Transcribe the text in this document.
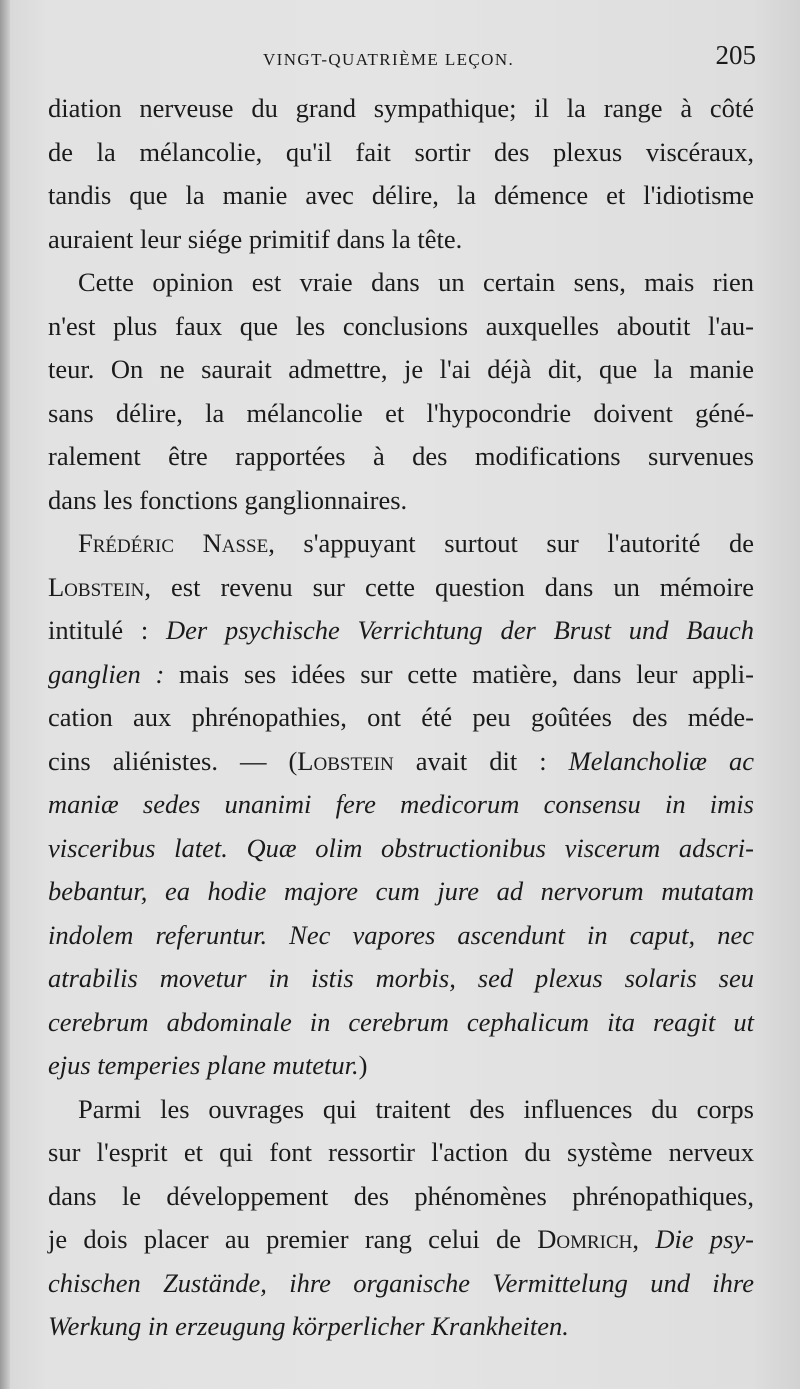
VINGT-QUATRIÈME LEÇON.	205
diation nerveuse du grand sympathique; il la range à côté
de la mélancolie, qu'il fait sortir des plexus viscéraux,
tandis que la manie avec délire, la démence et l'idiotisme
auraient leur siége primitif dans la tête.
Cette opinion est vraie dans un certain sens, mais rien
n'est plus faux que les conclusions auxquelles aboutit l'au-
teur. On ne saurait admettre, je l'ai déjà dit, que la manie
sans délire, la mélancolie et l'hypocondrie doivent géné-
ralement être rapportées à des modifications survenues
dans les fonctions ganglionnaires.
Frédéric Nasse, s'appuyant surtout sur l'autorité de
Lobstein, est revenu sur cette question dans un mémoire
intitulé : Der psychische Verrichtung der Brust und Bauch
ganglien : mais ses idées sur cette matière, dans leur appli-
cation aux phrénopathies, ont été peu goûtées des méde-
cins aliénistes. — (Lobstein avait dit : Melancholiæ ac
maniæ sedes unanimi fere medicorum consensu in imis
visceribus latet. Quæ olim obstructionibus viscerum adscri-
bebantur, ea hodie majore cum jure ad nervorum mutatam
indolem referuntur. Nec vapores ascendunt in caput, nec
atrabilis movetur in istis morbis, sed plexus solaris seu
cerebrum abdominale in cerebrum cephalicum ita reagit ut
ejus temperies plane mutetur.)
Parmi les ouvrages qui traitent des influences du corps
sur l'esprit et qui font ressortir l'action du système nerveux
dans le développement des phénomènes phrénopathiques,
je dois placer au premier rang celui de Domrich, Die psy-
chischen Zustände, ihre organische Vermittelung und ihre
Werkung in erzeugung körperlicher Krankheiten.
